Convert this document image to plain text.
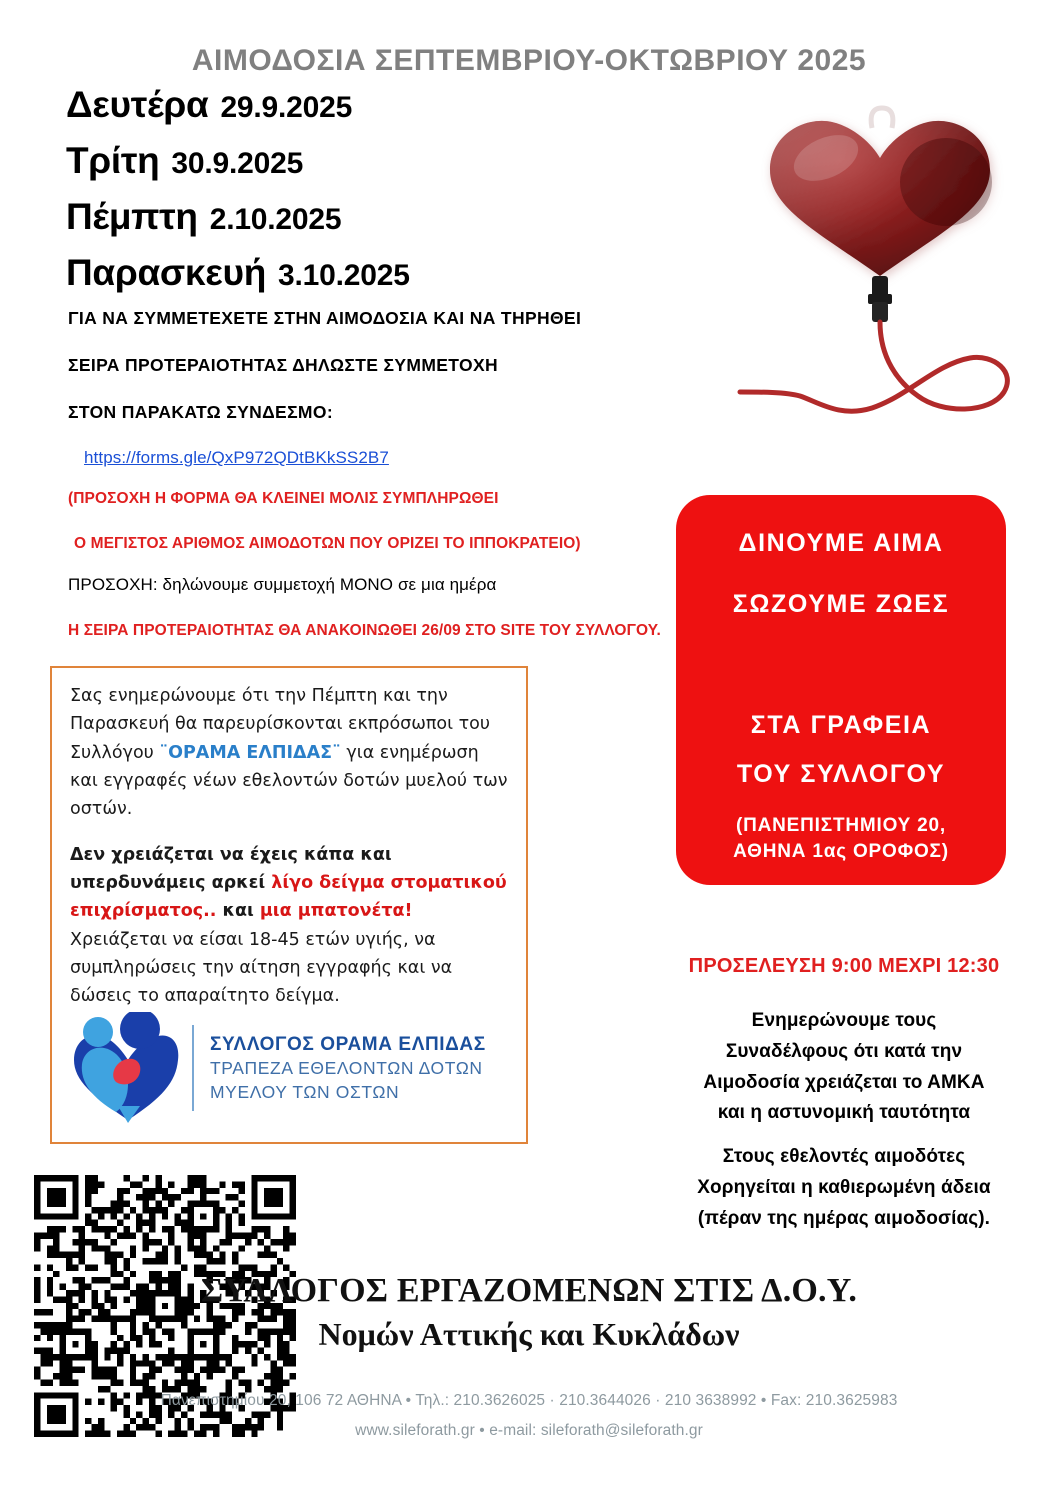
ΑΙΜΟΔΟΣΙΑ ΣΕΠΤΕΜΒΡΙΟΥ-ΟΚΤΩΒΡΙΟΥ 2025
Δευτέρα 29.9.2025
Τρίτη 30.9.2025
Πέμπτη 2.10.2025
Παρασκευή 3.10.2025
ΓΙΑ ΝΑ ΣΥΜΜΕΤΕΧΕΤΕ ΣΤΗΝ ΑΙΜΟΔΟΣΙΑ ΚΑΙ ΝΑ ΤΗΡΗΘΕΙ
ΣΕΙΡΑ ΠΡΟΤΕΡΑΙΟΤΗΤΑΣ ΔΗΛΩΣΤΕ ΣΥΜΜΕΤΟΧΗ
ΣΤΟΝ ΠΑΡΑΚΑΤΩ ΣΥΝΔΕΣΜΟ:
https://forms.gle/QxP972QDtBKkSS2B7
(ΠΡΟΣΟΧΗ Η ΦΟΡΜΑ ΘΑ ΚΛΕΙΝΕΙ ΜΟΛΙΣ ΣΥΜΠΛΗΡΩΘΕΙ
Ο ΜΕΓΙΣΤΟΣ ΑΡΙΘΜΟΣ ΑΙΜΟΔΟΤΩΝ ΠΟΥ ΟΡΙΖΕΙ ΤΟ ΙΠΠΟΚΡΑΤΕΙΟ)
ΠΡΟΣΟΧΗ: δηλώνουμε συμμετοχή ΜΟΝΟ σε μια ημέρα
Η ΣΕΙΡΑ ΠΡΟΤΕΡΑΙΟΤΗΤΑΣ ΘΑ ΑΝΑΚΟΙΝΩΘΕΙ 26/09 ΣΤΟ SITE ΤΟΥ ΣΥΛΛΟΓΟΥ.

Σας ενημερώνουμε ότι την Πέμπτη και την Παρασκευή θα παρευρίσκονται εκπρόσωποι του Συλλόγου ¨ΟΡΑΜΑ ΕΛΠΙΔΑΣ¨ για ενημέρωση και εγγραφές νέων εθελοντών δοτών μυελού των οστών.

Δεν χρειάζεται να έχεις κάπα και υπερδυνάμεις αρκεί λίγο δείγμα στοματικού επιχρίσματος.. και μια μπατονέτα! Χρειάζεται να είσαι 18-45 ετών υγιής, να συμπληρώσεις την αίτηση εγγραφής και να δώσεις το απαραίτητο δείγμα.

ΣΥΛΛΟΓΟΣ ΟΡΑΜΑ ΕΛΠΙΔΑΣ
ΤΡΑΠΕΖΑ ΕΘΕΛΟΝΤΩΝ ΔΟΤΩΝ
ΜΥΕΛΟΥ ΤΩΝ ΟΣΤΩΝ
ΔΙΝΟΥΜΕ ΑΙΜΑ
ΣΩΖΟΥΜΕ ΖΩΕΣ
ΣΤΑ ΓΡΑΦΕΙΑ
ΤΟΥ ΣΥΛΛΟΓΟΥ
(ΠΑΝΕΠΙΣΤΗΜΙΟΥ 20,
ΑΘΗΝΑ 1ας ΟΡΟΦΟΣ)
ΠΡΟΣΕΛΕΥΣΗ 9:00 ΜΕΧΡΙ 12:30
Ενημερώνουμε τους
Συναδέλφους ότι κατά την
Αιμοδοσία χρειάζεται το ΑΜΚΑ
και η αστυνομική ταυτότητα
Στους εθελοντές αιμοδότες
Χορηγείται η καθιερωμένη άδεια
(πέραν της ημέρας αιμοδοσίας).
ΣΥΛΛΟΓΟΣ ΕΡΓΑΖΟΜΕΝΩΝ ΣΤΙΣ Δ.Ο.Υ.
Νομών Αττικής και Κυκλάδων
Πανεπιστημίου 20, 106 72 ΑΘΗΝΑ • Τηλ.: 210.3626025 · 210.3644026 · 210 3638992 • Fax: 210.3625983
www.sileforath.gr • e-mail: sileforath@sileforath.gr
